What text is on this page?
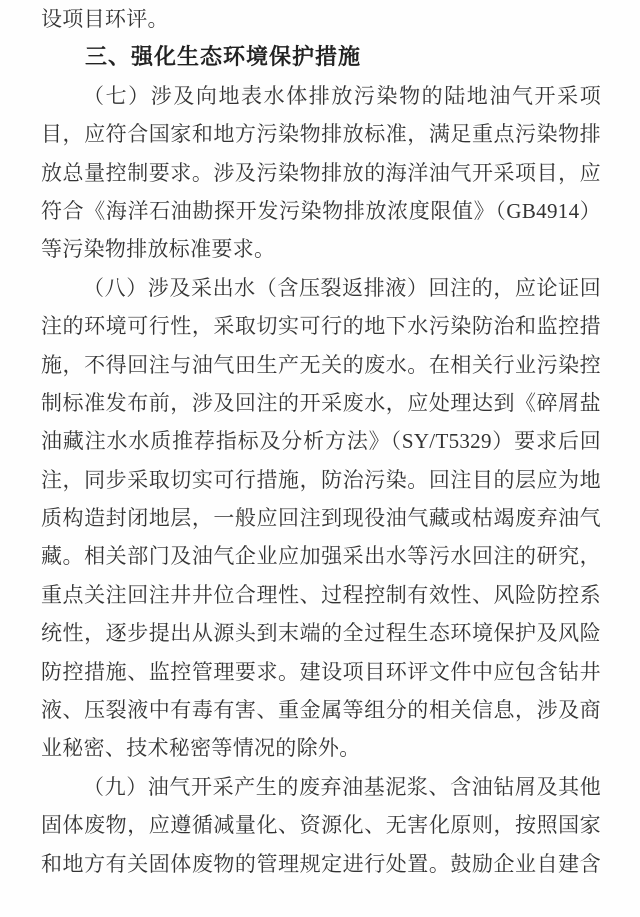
设项目环评。
三、强化生态环境保护措施
（七）涉及向地表水体排放污染物的陆地油气开采项
目，应符合国家和地方污染物排放标准，满足重点污染物排
放总量控制要求。涉及污染物排放的海洋油气开采项目，应
符合《海洋石油勘探开发污染物排放浓度限值》（GB4914）
等污染物排放标准要求。
（八）涉及采出水（含压裂返排液）回注的，应论证回
注的环境可行性，采取切实可行的地下水污染防治和监控措
施，不得回注与油气田生产无关的废水。在相关行业污染控
制标准发布前，涉及回注的开采废水，应处理达到《碎屑盐
油藏注水水质推荐指标及分析方法》（SY/T5329）要求后回
注，同步采取切实可行措施，防治污染。回注目的层应为地
质构造封闭地层，一般应回注到现役油气藏或枯竭废弃油气
藏。相关部门及油气企业应加强采出水等污水回注的研究，
重点关注回注井井位合理性、过程控制有效性、风险防控系
统性，逐步提出从源头到末端的全过程生态环境保护及风险
防控措施、监控管理要求。建设项目环评文件中应包含钻井
液、压裂液中有毒有害、重金属等组分的相关信息，涉及商
业秘密、技术秘密等情况的除外。
（九）油气开采产生的废弃油基泥浆、含油钻屑及其他
固体废物，应遵循减量化、资源化、无害化原则，按照国家
和地方有关固体废物的管理规定进行处置。鼓励企业自建含
